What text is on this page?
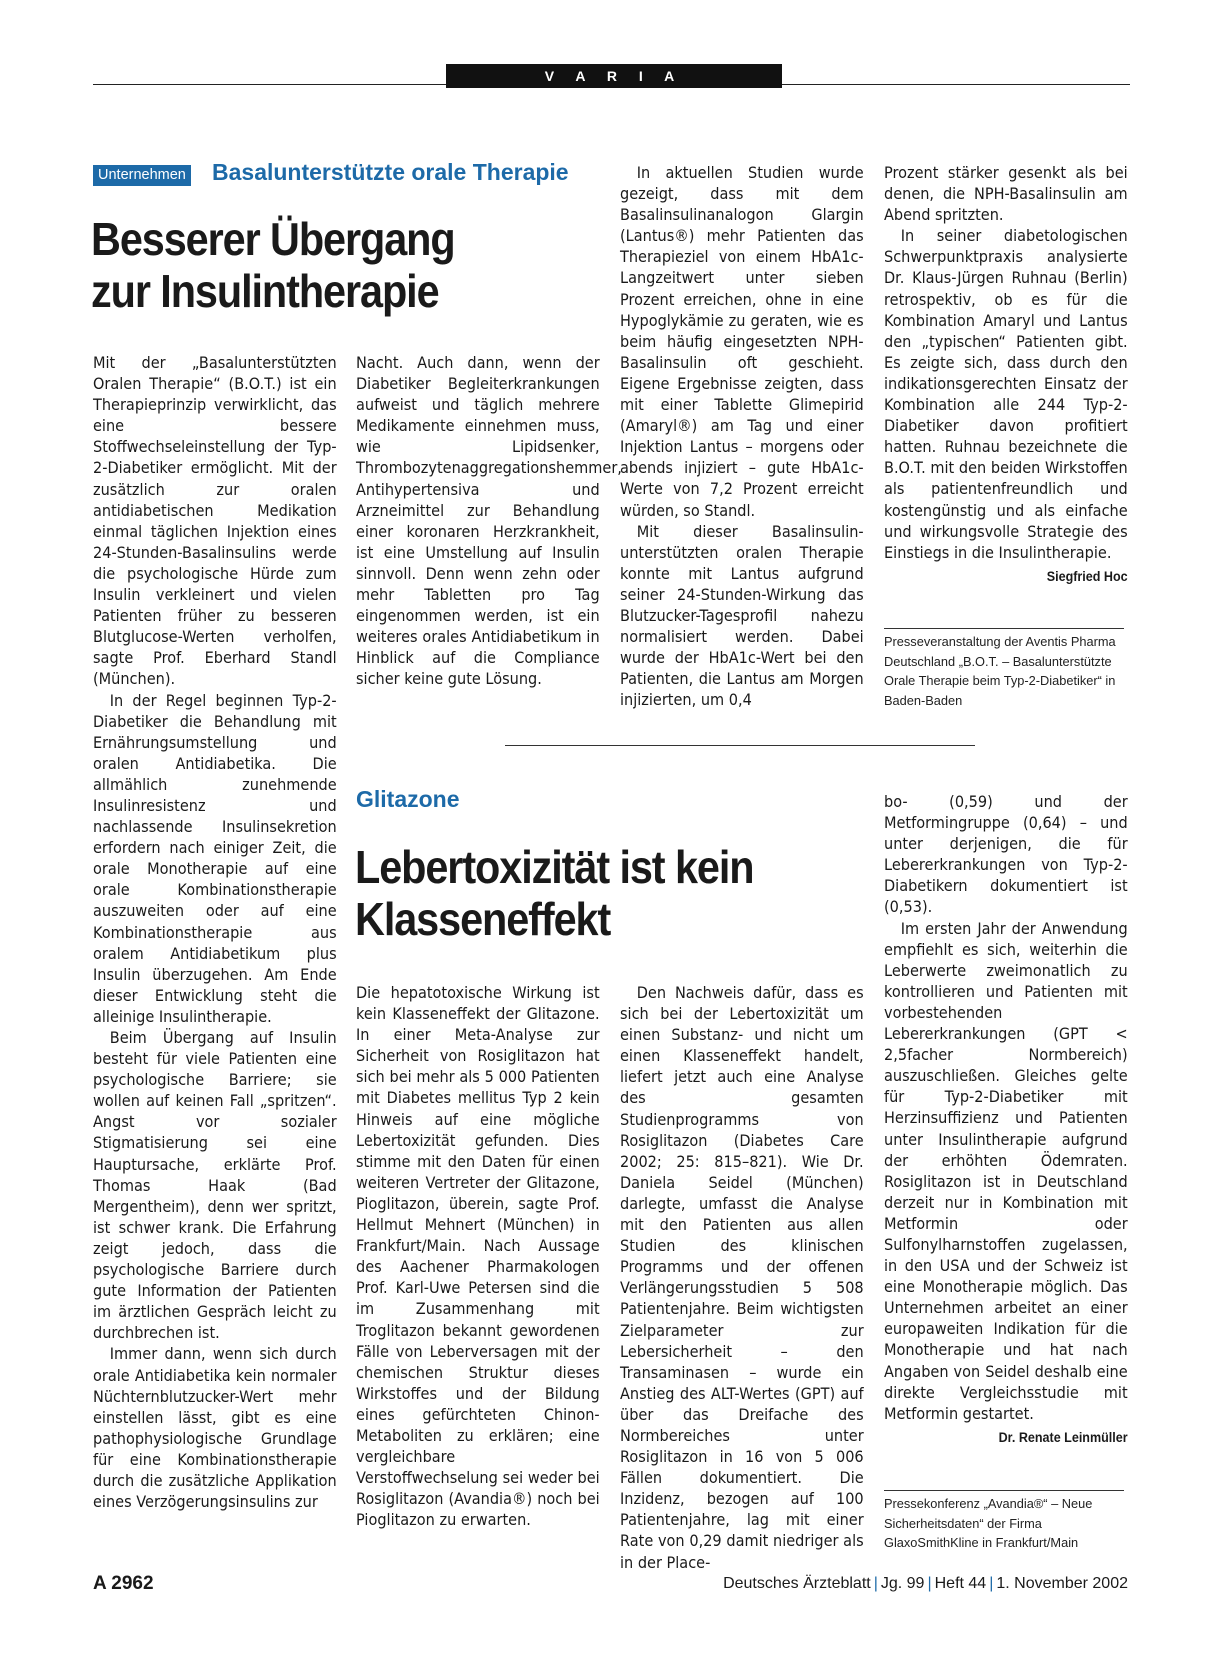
V A R I A
Unternehmen Basalunterstützte orale Therapie
Besserer Übergang
zur Insulintherapie

Mit der „Basalunterstützten Oralen Therapie“ (B.O.T.) ist ein Therapieprinzip verwirklicht, das eine bessere Stoffwechseleinstellung der Typ-2-Diabetiker ermöglicht. Mit der zusätzlich zur oralen antidiabetischen Medikation einmal täglichen Injektion eines 24-Stunden-Basalinsulins werde die psychologische Hürde zum Insulin verkleinert und vielen Patienten früher zu besseren Blutglucose-Werten verholfen, sagte Prof. Eberhard Standl (München).

In der Regel beginnen Typ-2-Diabetiker die Behandlung mit Ernährungsumstellung und oralen Antidiabetika. Die allmählich zunehmende Insulinresistenz und nachlassende Insulinsekretion erfordern nach einiger Zeit, die orale Monotherapie auf eine orale Kombinationstherapie auszuweiten oder auf eine Kombinationstherapie aus oralem Antidiabetikum plus Insulin überzugehen. Am Ende dieser Entwicklung steht die alleinige Insulintherapie.

Beim Übergang auf Insulin besteht für viele Patienten eine psychologische Barriere; sie wollen auf keinen Fall „spritzen“. Angst vor sozialer Stigmatisierung sei eine Hauptursache, erklärte Prof. Thomas Haak (Bad Mergentheim), denn wer spritzt, ist schwer krank. Die Erfahrung zeigt jedoch, dass die psychologische Barriere durch gute Information der Patienten im ärztlichen Gespräch leicht zu durchbrechen ist.

Immer dann, wenn sich durch orale Antidiabetika kein normaler Nüchternblutzucker-Wert mehr einstellen lässt, gibt es eine pathophysiologische Grundlage für eine Kombinationstherapie durch die zusätzliche Applikation eines Verzögerungsinsulins zur

Nacht. Auch dann, wenn der Diabetiker Begleiterkrankungen aufweist und täglich mehrere Medikamente einnehmen muss, wie Lipidsenker, Thrombozytenaggregationshemmer, Antihypertensiva und Arzneimittel zur Behandlung einer koronaren Herzkrankheit, ist eine Umstellung auf Insulin sinnvoll. Denn wenn zehn oder mehr Tabletten pro Tag eingenommen werden, ist ein weiteres orales Antidiabetikum in Hinblick auf die Compliance sicher keine gute Lösung.

In aktuellen Studien wurde gezeigt, dass mit dem Basalinsulinanalogon Glargin (Lantus®) mehr Patienten das Therapieziel von einem HbA1c-Langzeitwert unter sieben Prozent erreichen, ohne in eine Hypoglykämie zu geraten, wie es beim häufig eingesetzten NPH-Basalinsulin oft geschieht. Eigene Ergebnisse zeigten, dass mit einer Tablette Glimepirid (Amaryl®) am Tag und einer Injektion Lantus – morgens oder abends injiziert – gute HbA1c-Werte von 7,2 Prozent erreicht würden, so Standl.

Mit dieser Basalinsulin-unterstützten oralen Therapie konnte mit Lantus aufgrund seiner 24-Stunden-Wirkung das Blutzucker-Tagesprofil nahezu normalisiert werden. Dabei wurde der HbA1c-Wert bei den Patienten, die Lantus am Morgen injizierten, um 0,4

Prozent stärker gesenkt als bei denen, die NPH-Basalinsulin am Abend spritzten.

In seiner diabetologischen Schwerpunktpraxis analysierte Dr. Klaus-Jürgen Ruhnau (Berlin) retrospektiv, ob es für die Kombination Amaryl und Lantus den „typischen“ Patienten gibt. Es zeigte sich, dass durch den indikationsgerechten Einsatz der Kombination alle 244 Typ-2-Diabetiker davon profitiert hatten. Ruhnau bezeichnete die B.O.T. mit den beiden Wirkstoffen als patientenfreundlich und kostengünstig und als einfache und wirkungsvolle Strategie des Einstiegs in die Insulintherapie.
Siegfried Hoc

Presseveranstaltung der Aventis Pharma Deutschland „B.O.T. – Basalunterstützte Orale Therapie beim Typ-2-Diabetiker“ in Baden-Baden
Glitazone
Lebertoxizität ist kein
Klasseneffekt

Die hepatotoxische Wirkung ist kein Klasseneffekt der Glitazone. In einer Meta-Analyse zur Sicherheit von Rosiglitazon hat sich bei mehr als 5 000 Patienten mit Diabetes mellitus Typ 2 kein Hinweis auf eine mögliche Lebertoxizität gefunden. Dies stimme mit den Daten für einen weiteren Vertreter der Glitazone, Pioglitazon, überein, sagte Prof. Hellmut Mehnert (München) in Frankfurt/Main. Nach Aussage des Aachener Pharmakologen Prof. Karl-Uwe Petersen sind die im Zusammenhang mit Troglitazon bekannt gewordenen Fälle von Leberversagen mit der chemischen Struktur dieses Wirkstoffes und der Bildung eines gefürchteten Chinon-Metaboliten zu erklären; eine vergleichbare Verstoffwechselung sei weder bei Rosiglitazon (Avandia®) noch bei Pioglitazon zu erwarten.

Den Nachweis dafür, dass es sich bei der Lebertoxizität um einen Substanz- und nicht um einen Klasseneffekt handelt, liefert jetzt auch eine Analyse des gesamten Studienprogramms von Rosiglitazon (Diabetes Care 2002; 25: 815–821). Wie Dr. Daniela Seidel (München) darlegte, umfasst die Analyse mit den Patienten aus allen Studien des klinischen Programms und der offenen Verlängerungsstudien 5 508 Patientenjahre. Beim wichtigsten Zielparameter zur Lebersicherheit – den Transaminasen – wurde ein Anstieg des ALT-Wertes (GPT) auf über das Dreifache des Normbereiches unter Rosiglitazon in 16 von 5 006 Fällen dokumentiert. Die Inzidenz, bezogen auf 100 Patientenjahre, lag mit einer Rate von 0,29 damit niedriger als in der Place-

bo- (0,59) und der Metformingruppe (0,64) – und unter derjenigen, die für Lebererkrankungen von Typ-2-Diabetikern dokumentiert ist (0,53).

Im ersten Jahr der Anwendung empfiehlt es sich, weiterhin die Leberwerte zweimonatlich zu kontrollieren und Patienten mit vorbestehenden Lebererkrankungen (GPT < 2,5facher Normbereich) auszuschließen. Gleiches gelte für Typ-2-Diabetiker mit Herzinsuffizienz und Patienten unter Insulintherapie aufgrund der erhöhten Ödemraten. Rosiglitazon ist in Deutschland derzeit nur in Kombination mit Metformin oder Sulfonylharnstoffen zugelassen, in den USA und der Schweiz ist eine Monotherapie möglich. Das Unternehmen arbeitet an einer europaweiten Indikation für die Monotherapie und hat nach Angaben von Seidel deshalb eine direkte Vergleichsstudie mit Metformin gestartet.
Dr. Renate Leinmüller

Pressekonferenz „Avandia®“ – Neue Sicherheitsdaten“ der Firma GlaxoSmithKline in Frankfurt/Main
A 2962	Deutsches Ärzteblatt | Jg. 99 | Heft 44 | 1. November 2002
